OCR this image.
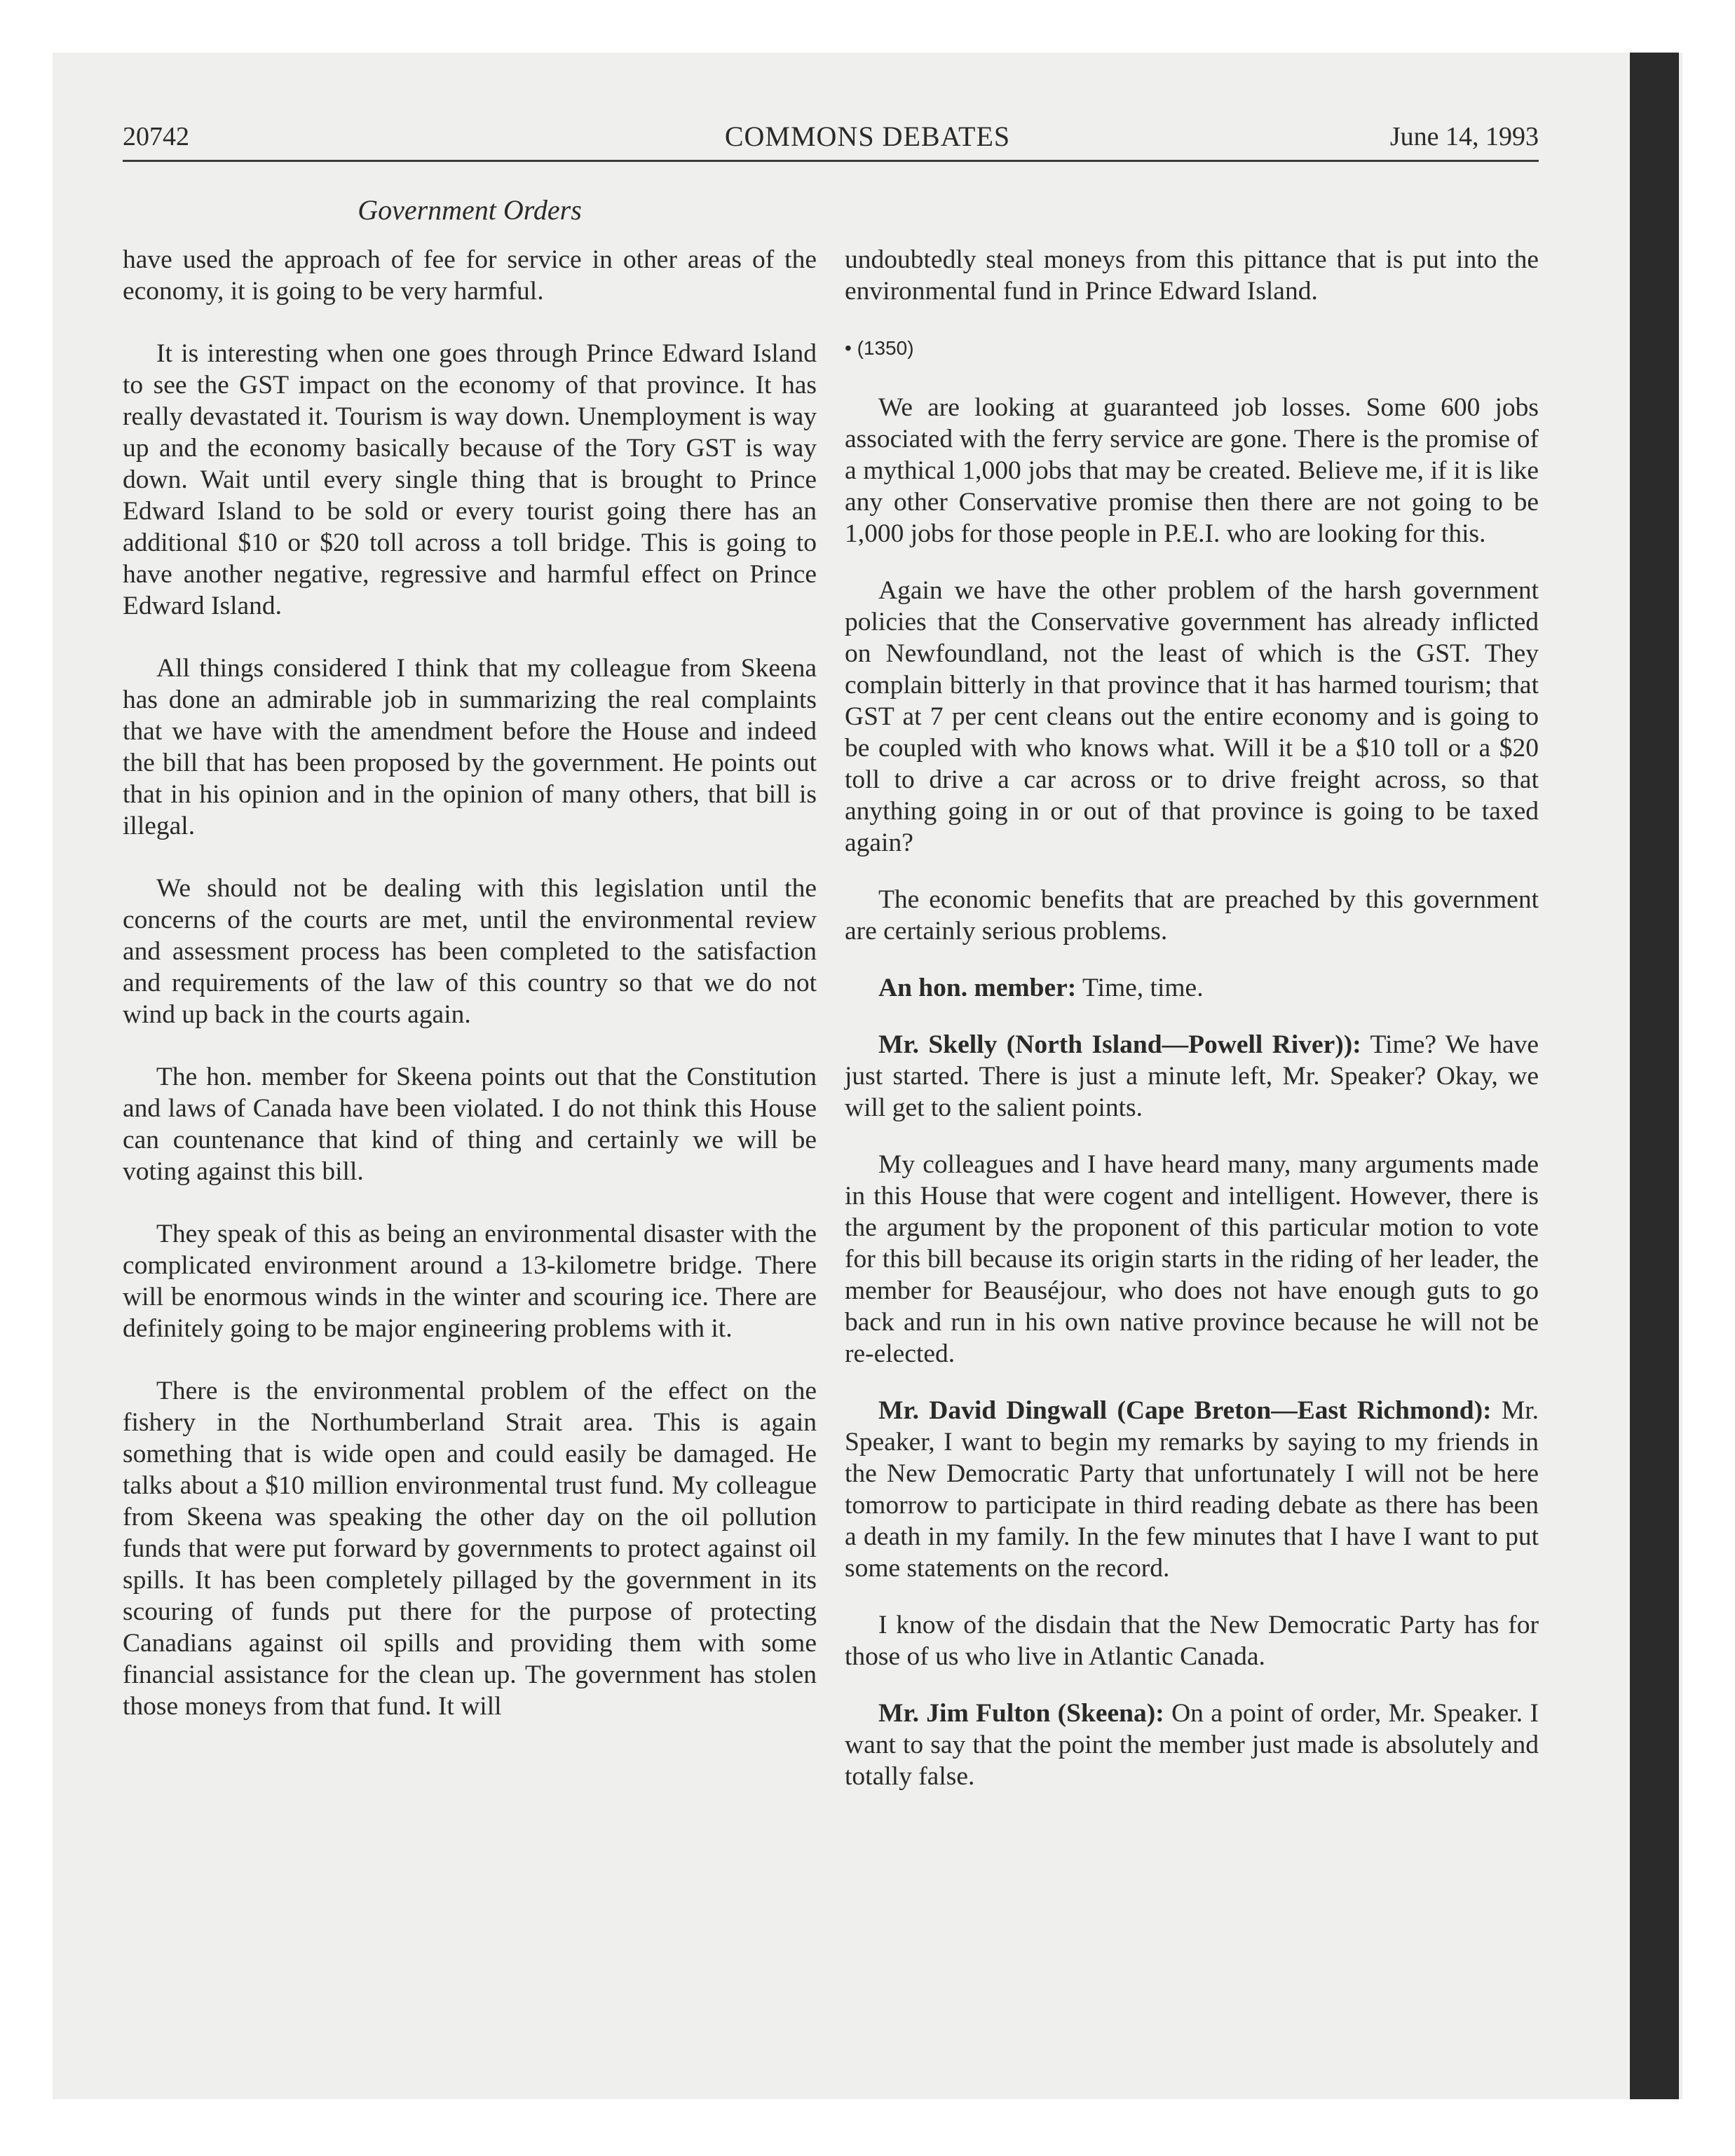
20742	COMMONS DEBATES	June 14, 1993
Government Orders

have used the approach of fee for service in other areas of the economy, it is going to be very harmful.

It is interesting when one goes through Prince Edward Island to see the GST impact on the economy of that province. It has really devastated it. Tourism is way down. Unemployment is way up and the economy basically because of the Tory GST is way down. Wait until every single thing that is brought to Prince Edward Island to be sold or every tourist going there has an additional $10 or $20 toll across a toll bridge. This is going to have another negative, regressive and harmful effect on Prince Edward Island.

All things considered I think that my colleague from Skeena has done an admirable job in summarizing the real complaints that we have with the amendment before the House and indeed the bill that has been proposed by the government. He points out that in his opinion and in the opinion of many others, that bill is illegal.

We should not be dealing with this legislation until the concerns of the courts are met, until the environmental review and assessment process has been completed to the satisfaction and requirements of the law of this country so that we do not wind up back in the courts again.

The hon. member for Skeena points out that the Constitution and laws of Canada have been violated. I do not think this House can countenance that kind of thing and certainly we will be voting against this bill.

They speak of this as being an environmental disaster with the complicated environment around a 13-kilometre bridge. There will be enormous winds in the winter and scouring ice. There are definitely going to be major engineering problems with it.

There is the environmental problem of the effect on the fishery in the Northumberland Strait area. This is again something that is wide open and could easily be damaged. He talks about a $10 million environmental trust fund. My colleague from Skeena was speaking the other day on the oil pollution funds that were put forward by governments to protect against oil spills. It has been completely pillaged by the government in its scouring of funds put there for the purpose of protecting Canadians against oil spills and providing them with some financial assistance for the clean up. The government has stolen those moneys from that fund. It will

undoubtedly steal moneys from this pittance that is put into the environmental fund in Prince Edward Island.

• (1350)

We are looking at guaranteed job losses. Some 600 jobs associated with the ferry service are gone. There is the promise of a mythical 1,000 jobs that may be created. Believe me, if it is like any other Conservative promise then there are not going to be 1,000 jobs for those people in P.E.I. who are looking for this.

Again we have the other problem of the harsh government policies that the Conservative government has already inflicted on Newfoundland, not the least of which is the GST. They complain bitterly in that province that it has harmed tourism; that GST at 7 per cent cleans out the entire economy and is going to be coupled with who knows what. Will it be a $10 toll or a $20 toll to drive a car across or to drive freight across, so that anything going in or out of that province is going to be taxed again?

The economic benefits that are preached by this government are certainly serious problems.

An hon. member: Time, time.

Mr. Skelly (North Island—Powell River)): Time? We have just started. There is just a minute left, Mr. Speaker? Okay, we will get to the salient points.

My colleagues and I have heard many, many arguments made in this House that were cogent and intelligent. However, there is the argument by the proponent of this particular motion to vote for this bill because its origin starts in the riding of her leader, the member for Beauséjour, who does not have enough guts to go back and run in his own native province because he will not be re-elected.

Mr. David Dingwall (Cape Breton—East Richmond): Mr. Speaker, I want to begin my remarks by saying to my friends in the New Democratic Party that unfortunately I will not be here tomorrow to participate in third reading debate as there has been a death in my family. In the few minutes that I have I want to put some statements on the record.

I know of the disdain that the New Democratic Party has for those of us who live in Atlantic Canada.

Mr. Jim Fulton (Skeena): On a point of order, Mr. Speaker. I want to say that the point the member just made is absolutely and totally false.
